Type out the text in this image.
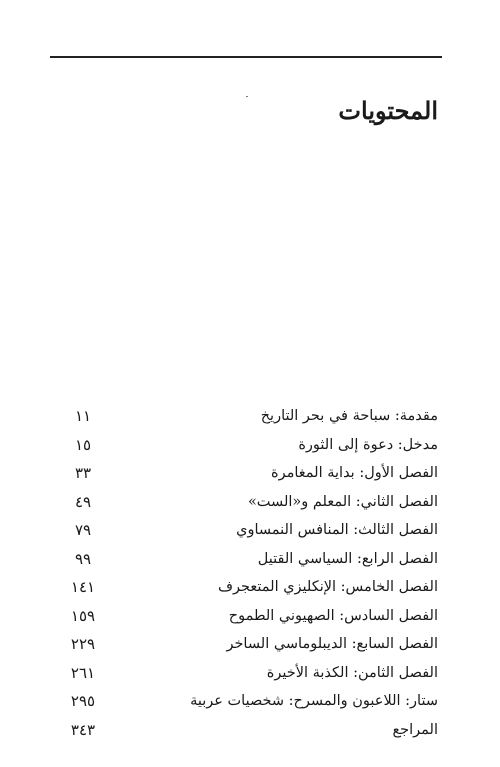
المحتويات
مقدمة: سباحة في بحر التاريخ
١١
مدخل: دعوة إلى الثورة
١٥
الفصل الأول: بداية المغامرة
٣٣
الفصل الثاني: المعلم و«الست»
٤٩
الفصل الثالث: المنافس النمساوي
٧٩
الفصل الرابع: السياسي القتيل
٩٩
الفصل الخامس: الإنكليزي المتعجرف
١٤١
الفصل السادس: الصهيوني الطموح
١٥٩
الفصل السابع: الديبلوماسي الساخر
٢٢٩
الفصل الثامن: الكذبة الأخيرة
٢٦١
ستار: اللاعبون والمسرح: شخصيات عربية
٢٩٥
المراجع
٣٤٣
